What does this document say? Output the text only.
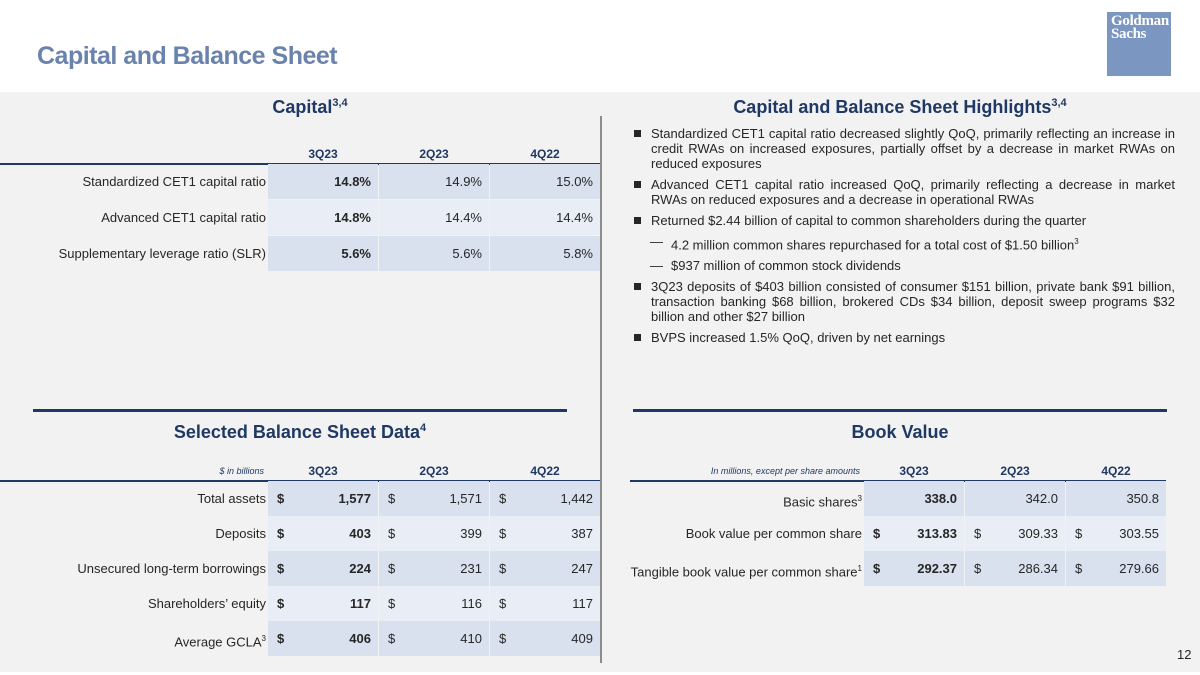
Capital and Balance Sheet
Goldman
Sachs
Capital$^{3,4}$
3Q23	2Q23	4Q22
Standardized CET1 capital ratio	14.8%	14.9%	15.0%
Advanced CET1 capital ratio	14.8%	14.4%	14.4%
Supplementary leverage ratio (SLR)	5.6%	5.6%	5.8%
Capital and Balance Sheet Highlights$^{3,4}$
Standardized CET1 capital ratio decreased slightly QoQ, primarily reflecting an increase in credit RWAs on increased exposures, partially offset by a decrease in market RWAs on reduced exposures
Advanced CET1 capital ratio increased QoQ, primarily reflecting a decrease in market RWAs on reduced exposures and a decrease in operational RWAs
Returned $2.44 billion of capital to common shareholders during the quarter
— 4.2 million common shares repurchased for a total cost of $1.50 billion$^3$
— $937 million of common stock dividends
3Q23 deposits of $403 billion consisted of consumer $151 billion, private bank $91 billion, transaction banking $68 billion, brokered CDs $34 billion, deposit sweep programs $32 billion and other $27 billion
BVPS increased 1.5% QoQ, driven by net earnings
Selected Balance Sheet Data$^4$
$ in billions	3Q23	2Q23	4Q22
Total assets $	1,577 $	1,571 $	1,442
Deposits $	403 $	399 $	387
Unsecured long-term borrowings $	224 $	231 $	247
Shareholders’ equity $	117 $	116 $	117
Average GCLA$^3$ $	406 $	410 $	409
Book Value
In millions, except per share amounts	3Q23	2Q23	4Q22
Basic shares$^3$	338.0	342.0	350.8
Book value per common share $	313.83 $	309.33 $	303.55
Tangible book value per common share$^1$ $	292.37 $	286.34 $	279.66
12
